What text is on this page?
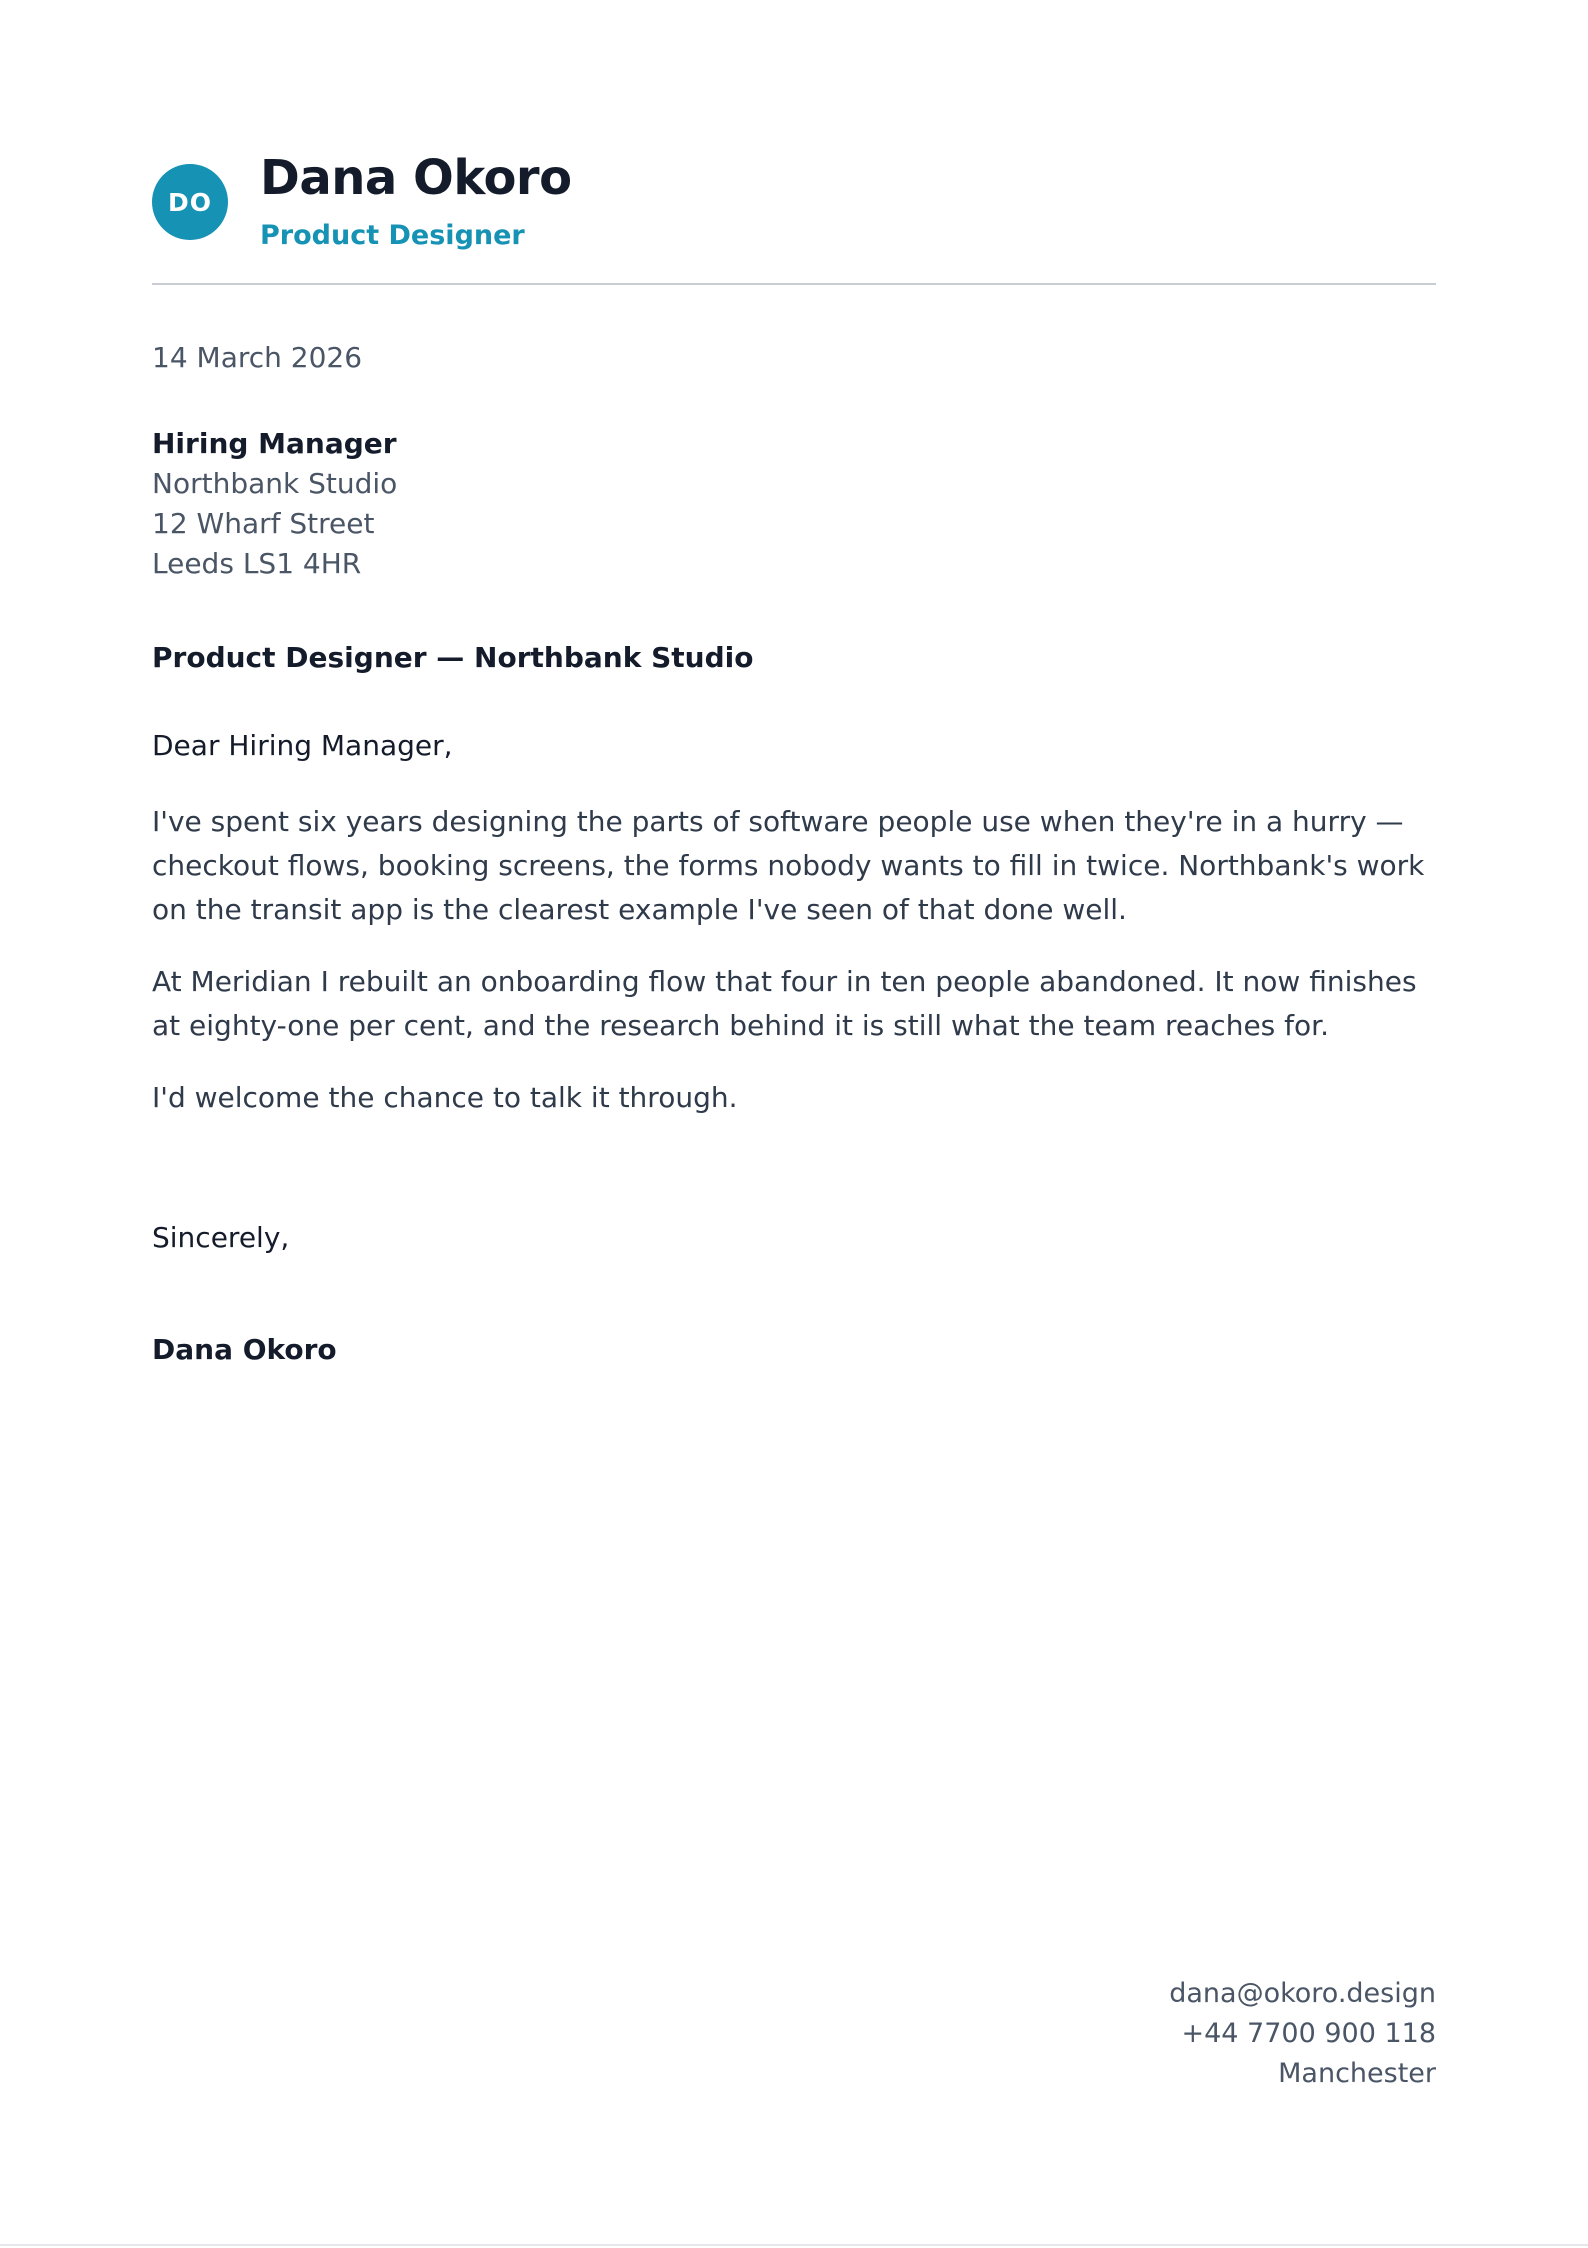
DO	Dana Okoro
Product Designer
14 March 2026
Hiring Manager
Northbank Studio
12 Wharf Street
Leeds LS1 4HR
Product Designer — Northbank Studio
Dear Hiring Manager,

I've spent six years designing the parts of software people use when they're in a hurry — checkout flows, booking screens, the forms nobody wants to fill in twice. Northbank's work on the transit app is the clearest example I've seen of that done well.

At Meridian I rebuilt an onboarding flow that four in ten people abandoned. It now finishes at eighty-one per cent, and the research behind it is still what the team reaches for.

I'd welcome the chance to talk it through.

Sincerely,
Dana Okoro
dana@okoro.design
+44 7700 900 118
Manchester
